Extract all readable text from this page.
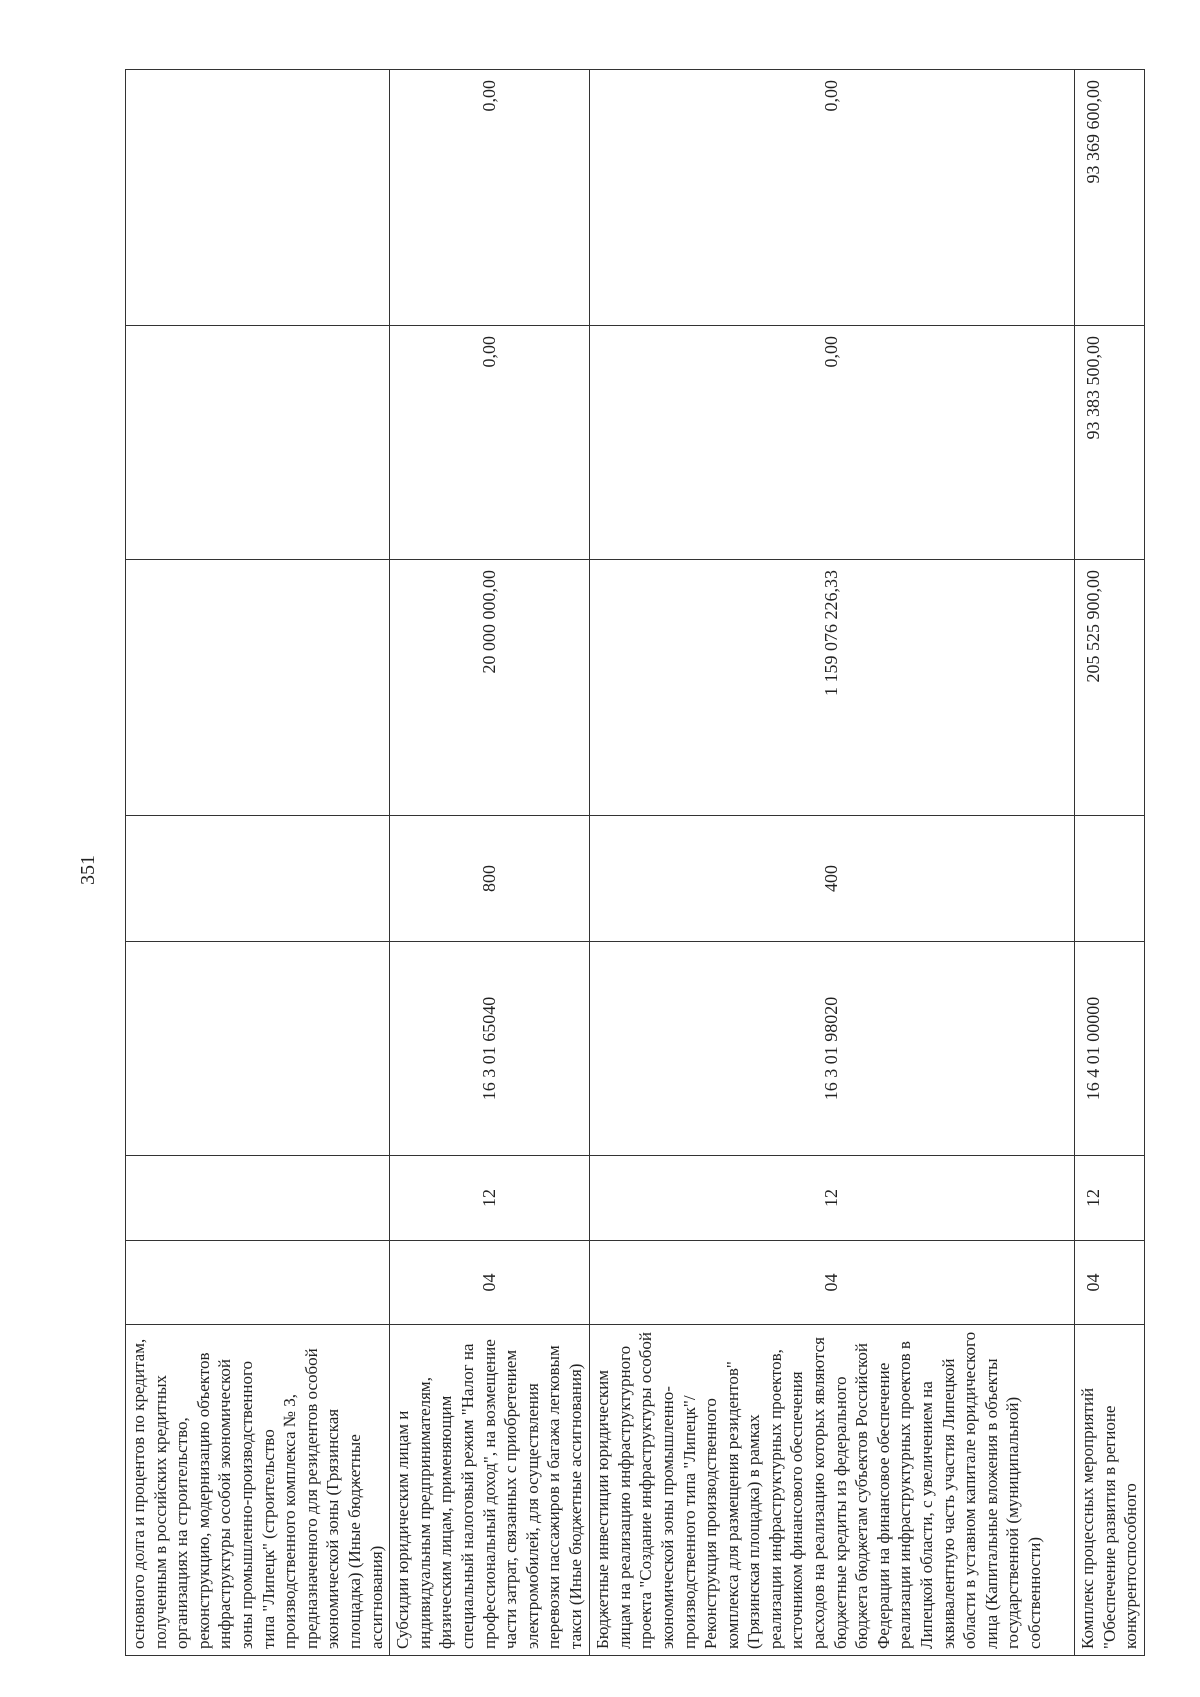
351
основного долга и процентов по кредитам, полученным в российских кредитных организациях на строительство, реконструкцию, модернизацию объектов инфраструктуры особой экономической зоны промышленно-производственного типа "Липецк" (строительство производственного комплекса № 3, предназначенного для резидентов особой экономической зоны (Грязинская площадка) (Иные бюджетные ассигнования)							
Субсидии юридическим лицам и индивидуальным предпринимателям, физическим лицам, применяющим специальный налоговый режим "Налог на профессиональный доход", на возмещение части затрат, связанных с приобретением электромобилей, для осуществления перевозки пассажиров и багажа легковым такси (Иные бюджетные ассигнования)	04	12	16 3 01 65040	800	20 000 000,00	0,00	0,00
Бюджетные инвестиции юридическим лицам на реализацию инфраструктурного проекта "Создание инфраструктуры особой экономической зоны промышленно-производственного типа "Липецк"/Реконструкция производственного комплекса для размещения резидентов" (Грязинская площадка) в рамках реализации инфраструктурных проектов, источником финансового обеспечения расходов на реализацию которых являются бюджетные кредиты из федерального бюджета бюджетам субъектов Российской Федерации на финансовое обеспечение реализации инфраструктурных проектов в Липецкой области, с увеличением на эквивалентную часть участия Липецкой области в уставном капитале юридического лица (Капитальные вложения в объекты государственной (муниципальной) собственности)	04	12	16 3 01 98020	400	1 159 076 226,33	0,00	0,00
Комплекс процессных мероприятий "Обеспечение развития в регионе конкурентоспособного	04	12	16 4 01 00000		205 525 900,00	93 383 500,00	93 369 600,00
